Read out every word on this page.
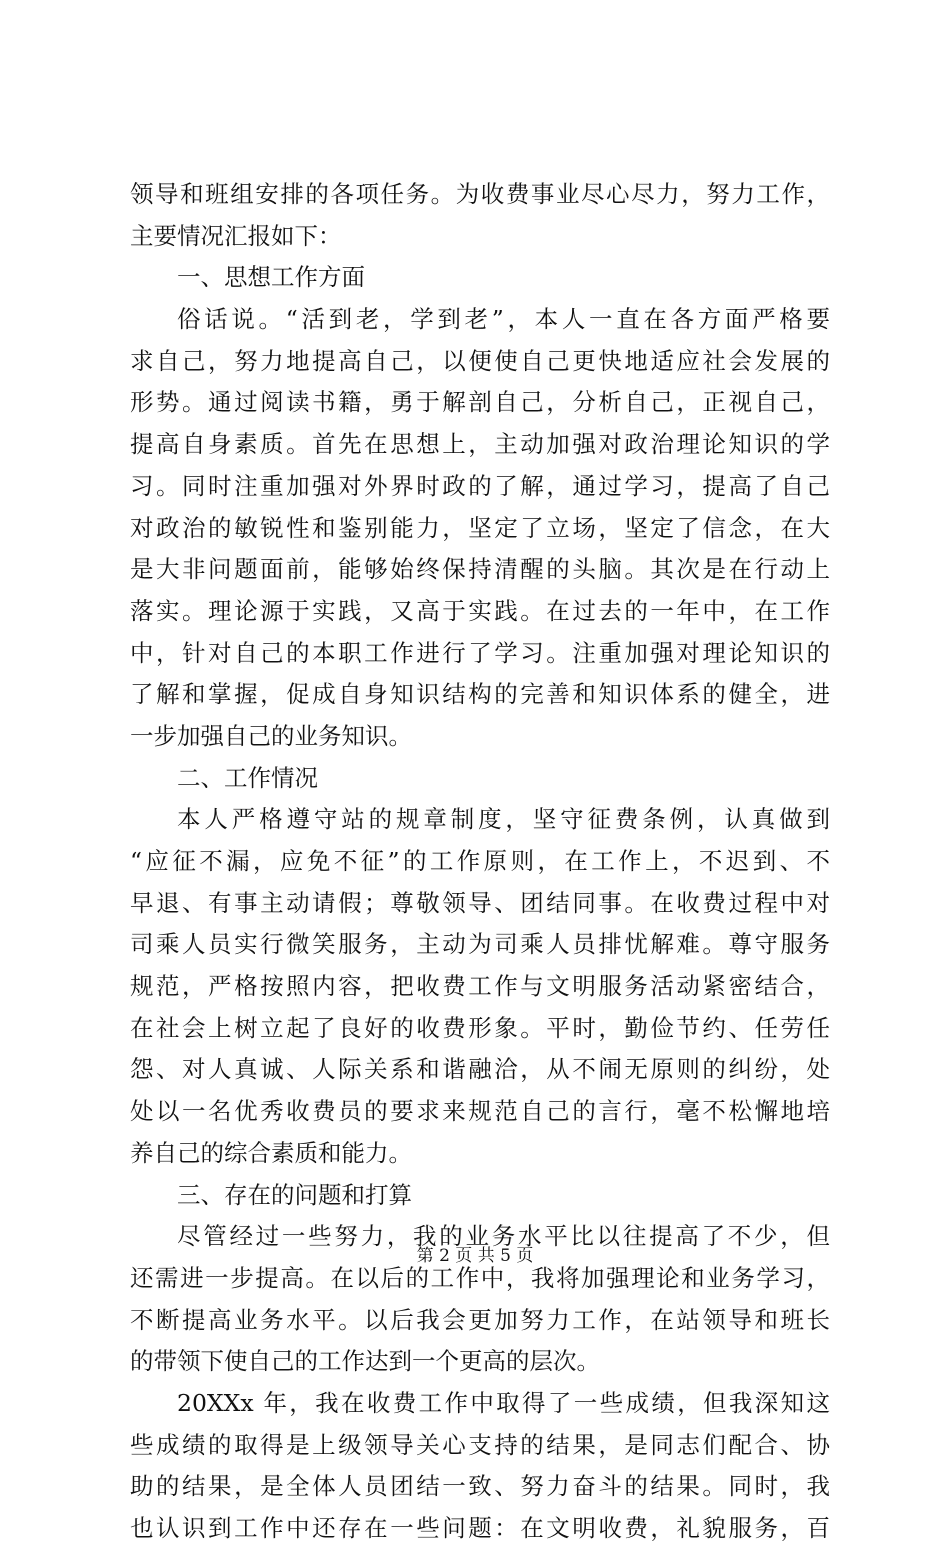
领导和班组安排的各项任务。为收费事业尽心尽力，努力工作，
主要情况汇报如下：
一、思想工作方面
俗话说。“活到老，学到老”，本人一直在各方面严格要
求自己，努力地提高自己，以便使自己更快地适应社会发展的
形势。通过阅读书籍，勇于解剖自己，分析自己，正视自己，
提高自身素质。首先在思想上，主动加强对政治理论知识的学
习。同时注重加强对外界时政的了解，通过学习，提高了自己
对政治的敏锐性和鉴别能力，坚定了立场，坚定了信念，在大
是大非问题面前，能够始终保持清醒的头脑。其次是在行动上
落实。理论源于实践，又高于实践。在过去的一年中，在工作
中，针对自己的本职工作进行了学习。注重加强对理论知识的
了解和掌握，促成自身知识结构的完善和知识体系的健全，进
一步加强自己的业务知识。
二、工作情况
本人严格遵守站的规章制度，坚守征费条例，认真做到
“应征不漏，应免不征”的工作原则，在工作上，不迟到、不
早退、有事主动请假；尊敬领导、团结同事。在收费过程中对
司乘人员实行微笑服务，主动为司乘人员排忧解难。尊守服务
规范，严格按照内容，把收费工作与文明服务活动紧密结合，
在社会上树立起了良好的收费形象。平时，勤俭节约、任劳任
怨、对人真诚、人际关系和谐融洽，从不闹无原则的纠纷，处
处以一名优秀收费员的要求来规范自己的言行，毫不松懈地培
养自己的综合素质和能力。
三、存在的问题和打算
尽管经过一些努力，我的业务水平比以往提高了不少，但
还需进一步提高。在以后的工作中，我将加强理论和业务学习，
不断提高业务水平。以后我会更加努力工作，在站领导和班长
的带领下使自己的工作达到一个更高的层次。
20XXx 年，我在收费工作中取得了一些成绩，但我深知这
些成绩的取得是上级领导关心支持的结果，是同志们配合、协
助的结果，是全体人员团结一致、努力奋斗的结果。同时，我
也认识到工作中还存在一些问题：在文明收费，礼貌服务，百
第 2 页 共 5 页
